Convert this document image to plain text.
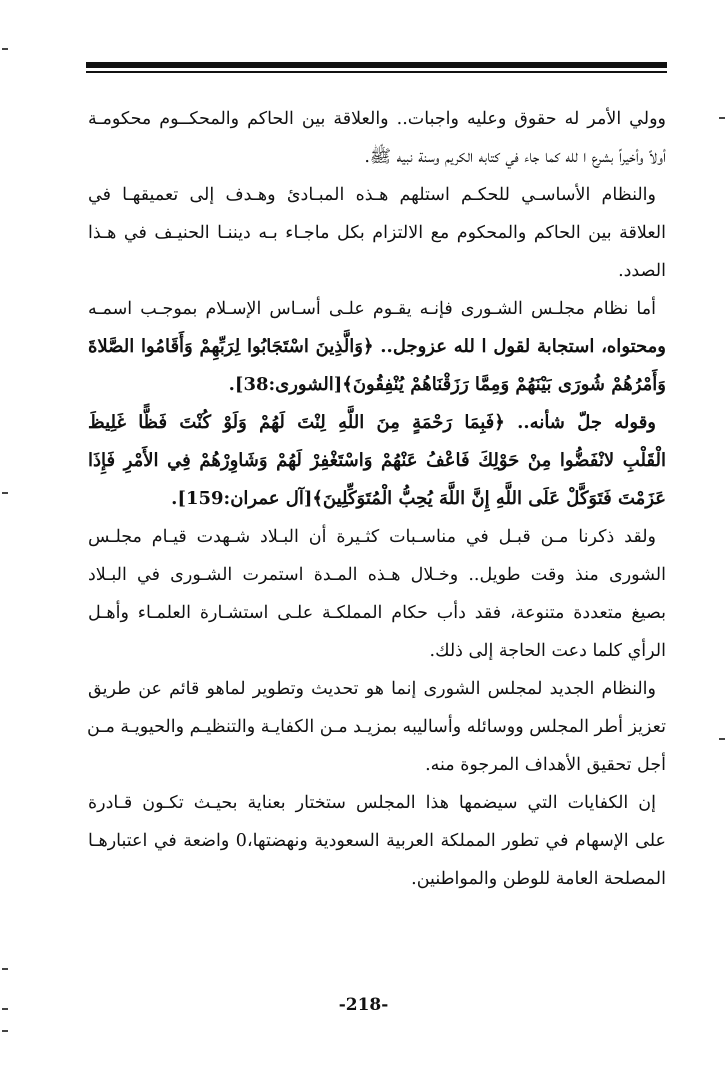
وولي الأمر له حقوق وعليه واجبات.. والعلاقة بين الحاكم والمحكــوم محكومـة
أولاً وأخيراً بشرع ا لله كما جاء في كتابه الكريم وسنة نبيه ﷺ.
والنظام الأساسـي للحكـم استلهم هـذه المبـادئ وهـدف إلى تعميقهـا في
العلاقة بين الحاكم والمحكوم مع الالتزام بكل ماجـاء بـه ديننـا الحنيـف في هـذا
الصدد.
أما نظام مجلـس الشـورى فإنـه يقـوم علـى أسـاس الإسـلام بموجـب اسمـه
ومحتواه، استجابة لقول ا لله عزوجل.. ﴿وَالَّذِينَ اسْتَجَابُوا لِرَبِّهِمْ وَأَقَامُوا الصَّلاةَ
وَأَمْرُهُمْ شُورَى بَيْنَهُمْ وَمِمَّا رَزَقْنَاهُمْ يُنْفِقُونَ﴾[الشورى:38].
وقوله جلّ شأنه.. ﴿فَبِمَا رَحْمَةٍ مِنَ اللَّهِ لِنْتَ لَهُمْ وَلَوْ كُنْتَ فَظًّا غَلِيظَ
الْقَلْبِ لانْفَضُّوا مِنْ حَوْلِكَ فَاعْفُ عَنْهُمْ وَاسْتَغْفِرْ لَهُمْ وَشَاوِرْهُمْ فِي الأَمْرِ فَإِذَا
عَزَمْتَ فَتَوَكَّلْ عَلَى اللَّهِ إِنَّ اللَّهَ يُحِبُّ الْمُتَوَكِّلِينَ﴾[آل عمران:159].
ولقد ذكرنا مـن قبـل في مناسـبات كثـيرة أن البـلاد شـهدت قيـام مجلـس
الشورى منذ وقت طويل.. وخـلال هـذه المـدة استمرت الشـورى في البـلاد
بصيغ متعددة متنوعة، فقد دأب حكام المملكـة علـى استشـارة العلمـاء وأهـل
الرأي كلما دعت الحاجة إلى ذلك.
والنظام الجديد لمجلس الشورى إنما هو تحديث وتطوير لماهو قائم عن طريق
تعزيز أطر المجلس ووسائله وأساليبه بمزيـد مـن الكفايـة والتنظيـم والحيويـة مـن
أجل تحقيق الأهداف المرجوة منه.
إن الكفايات التي سيضمها هذا المجلس ستختار بعناية بحيـث تكـون قـادرة
على الإسهام في تطور المملكة العربية السعودية ونهضتها،0 واضعة في اعتبارهـا
المصلحة العامة للوطن والمواطنين.
-218-
